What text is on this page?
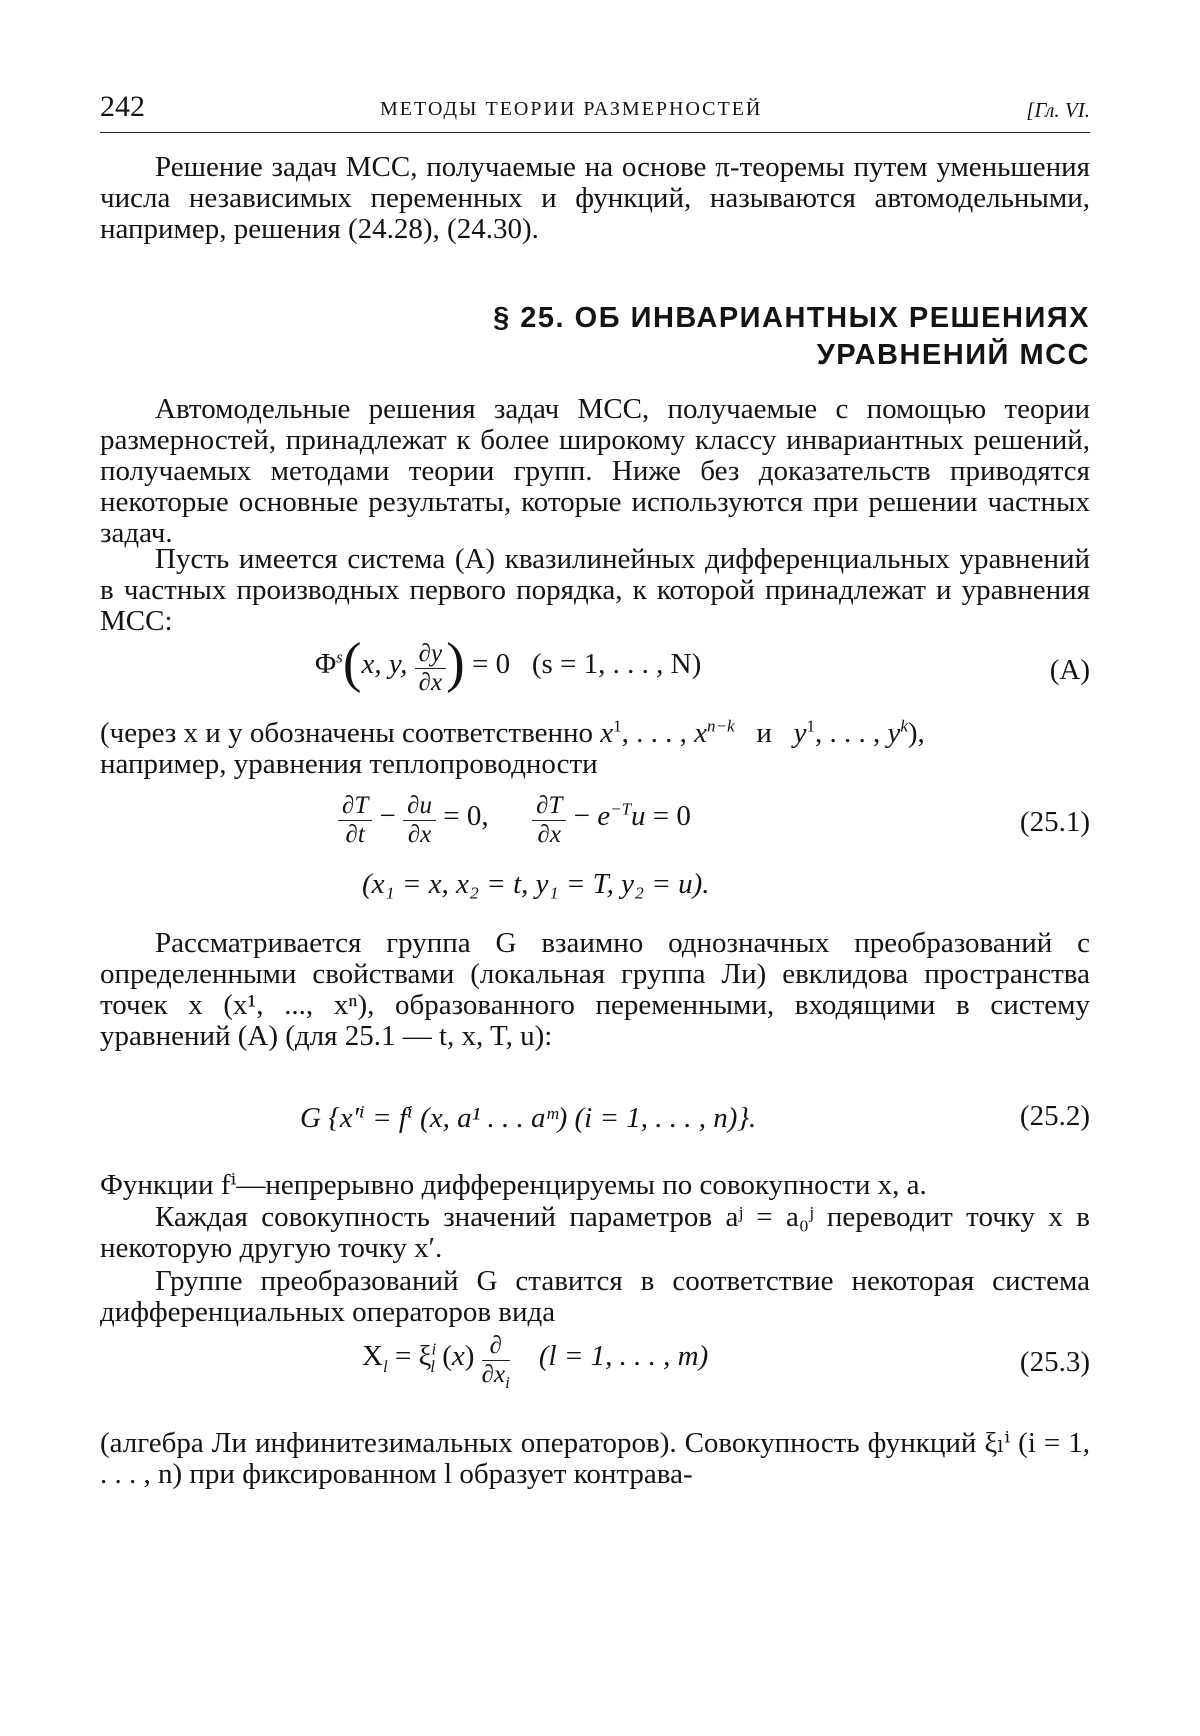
242	МЕТОДЫ ТЕОРИИ РАЗМЕРНОСТЕЙ	[Гл. VI.

Решение задач МСС, получаемые на основе π-теоремы путем уменьшения числа независимых переменных и функций, называются автомодельными, например, решения (24.28), (24.30).

§ 25. ОБ ИНВАРИАНТНЫХ РЕШЕНИЯХ
УРАВНЕНИЙ МСС

Автомодельные решения задач МСС, получаемые с помощью теории размерностей, принадлежат к более широкому классу инвариантных решений, получаемых методами теории групп. Ниже без доказательств приводятся некоторые основные результаты, которые используются при решении частных задач.

Пусть имеется система (A) квазилинейных дифференциальных уравнений в частных производных первого порядка, к которой принадлежат и уравнения МСС:

$\Phi^s(x$, y, $\frac{\partial y}{\partial x}$ ) = 0   (s = 1, . . . , N)	(A)
(через x и y обозначены соответственно $x^1$, . . . , $x^{n-k}$ и $y^1$, . . . , $y^k$),
например, уравнения теплопроводности
$\frac{\partial T}{\partial t} - \frac{\partial u}{\partial x} = 0$, $\frac{\partial T}{\partial x} - e^{-T}u = 0$	(25.1)
(x₁ = x, x₂ = t, y₁ = T, y₂ = u).

Рассматривается группа G взаимно однозначных преобразований с определенными свойствами (локальная группа Ли) евклидова пространства точек x (x¹, ..., xⁿ), образованного переменными, входящими в систему уравнений (A) (для 25.1 — t, x, T, u):

G {x′ⁱ = fⁱ (x, a¹ . . . aᵐ) (i = 1, . . . , n)}.	(25.2)

Функции fⁱ—непрерывно дифференцируемы по совокупности x, a.

Каждая совокупность значений параметров aʲ = a₀ʲ переводит точку x в некоторую другую точку x′.

Группе преобразований G ставится в соответствие некоторая система дифференциальных операторов вида

$X_l = \xi^i_l$ $(x) \frac{\partial}{\partial x_i} (l = 1$, . . . , m)	(25.3)

(алгебра Ли инфинитезимальных операторов). Совокупность функций ξₗⁱ (i = 1, . . . , n) при фиксированном l образует контрава-
